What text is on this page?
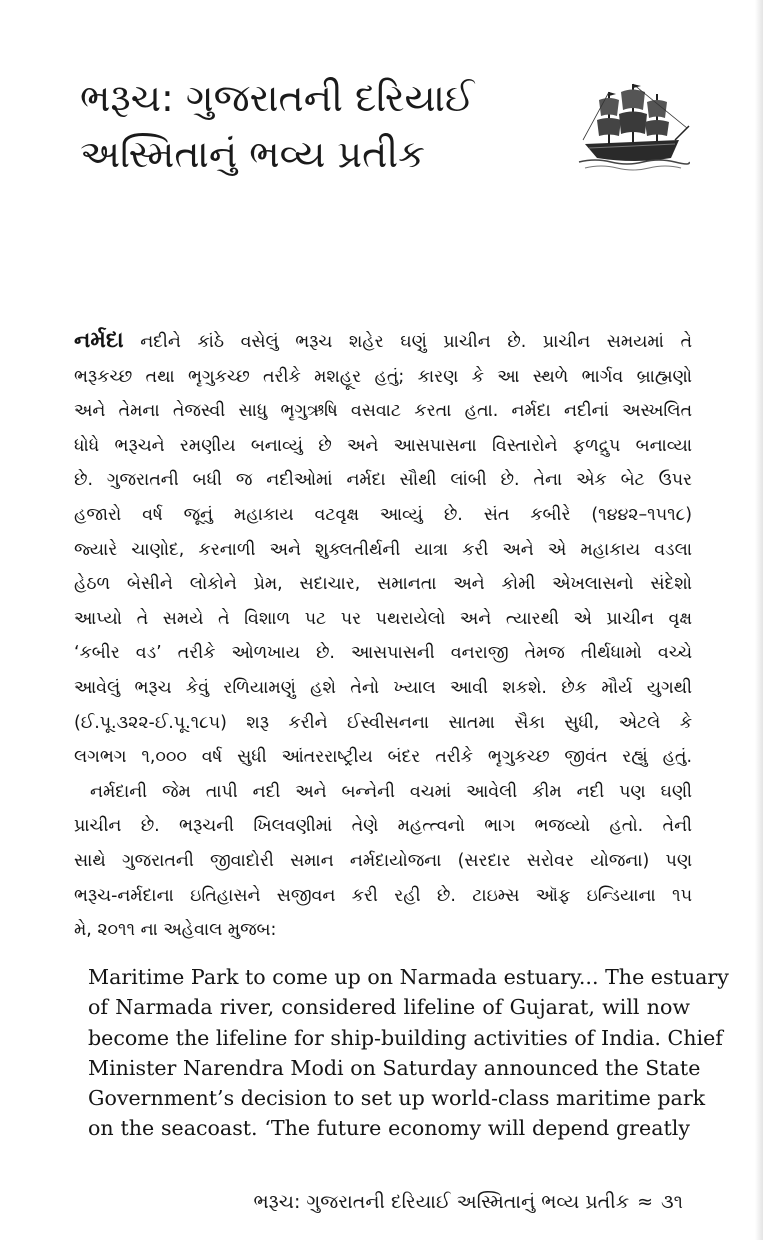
ભરૂચ: ગુજરાતની દરિયાઈ
અસ્મિતાનું ભવ્ય પ્રતીક
નર્મદા નદીને કાંઠે વસેલું ભરૂચ શહેર ઘણું પ્રાચીન છે. પ્રાચીન સમયમાં તે
ભરૂકચ્છ તથા ભૃગુકચ્છ તરીકે મશહૂર હતું; કારણ કે આ સ્થળે ભાર્ગવ બ્રાહ્મણો
અને તેમના તેજસ્વી સાધુ ભૃગુઋષિ વસવાટ કરતા હતા. નર્મદા નદીનાં અસ્ખલિત
ધોધે ભરૂચને રમણીય બનાવ્યું છે અને આસપાસના વિસ્તારોને ફળદ્રુપ બનાવ્યા
છે. ગુજરાતની બધી જ નદીઓમાં નર્મદા સૌથી લાંબી છે. તેના એક બેટ ઉપર
હજારો વર્ષ જૂનું મહાકાય વટવૃક્ષ આવ્યું છે. સંત કબીરે (૧૪૪૨–૧૫૧૮)
જ્યારે ચાણોદ, કરનાળી અને શુક્લતીર્થની યાત્રા કરી અને એ મહાકાય વડલા
હેઠળ બેસીને લોકોને પ્રેમ, સદાચાર, સમાનતા અને કોમી એખલાસનો સંદેશો
આપ્યો તે સમયે તે વિશાળ પટ પર પથરાયેલો અને ત્યારથી એ પ્રાચીન વૃક્ષ
‘કબીર વડ’ તરીકે ઓળખાય છે. આસપાસની વનરાજી તેમજ તીર્થધામો વચ્ચે
આવેલું ભરૂચ કેવું રળિયામણું હશે તેનો ખ્યાલ આવી શકશે. છેક મૌર્ય યુગથી
(ઈ.પૂ.૩૨૨-ઈ.પૂ.૧૮૫) શરૂ કરીને ઈસ્વીસનના સાતમા સૈકા સુધી, એટલે કે
લગભગ ૧,૦૦૦ વર્ષ સુધી આંતરરાષ્ટ્રીય બંદર તરીકે ભૃગુકચ્છ જીવંત રહ્યું હતું.
નર્મદાની જેમ તાપી નદી અને બન્નેની વચમાં આવેલી કીમ નદી પણ ઘણી
પ્રાચીન છે. ભરૂચની ખિલવણીમાં તેણે મહત્ત્વનો ભાગ ભજવ્યો હતો. તેની
સાથે ગુજરાતની જીવાદોરી સમાન નર્મદાયોજના (સરદાર સરોવર યોજના) પણ
ભરૂચ-નર્મદાના ઇતિહાસને સજીવન કરી રહી છે. ટાઇમ્સ ઑફ ઇન્ડિયાના ૧૫
મે, ૨૦૧૧ ના અહેવાલ મુજબ:
Maritime Park to come up on Narmada estuary... The estuary
of Narmada river, considered lifeline of Gujarat, will now
become the lifeline for ship-building activities of India. Chief
Minister Narendra Modi on Saturday announced the State
Government’s decision to set up world-class maritime park
on the seacoast. ‘The future economy will depend greatly
ભરૂચ: ગુજરાતની દરિયાઈ અસ્મિતાનું ભવ્ય પ્રતીક ≈ ૩૧
